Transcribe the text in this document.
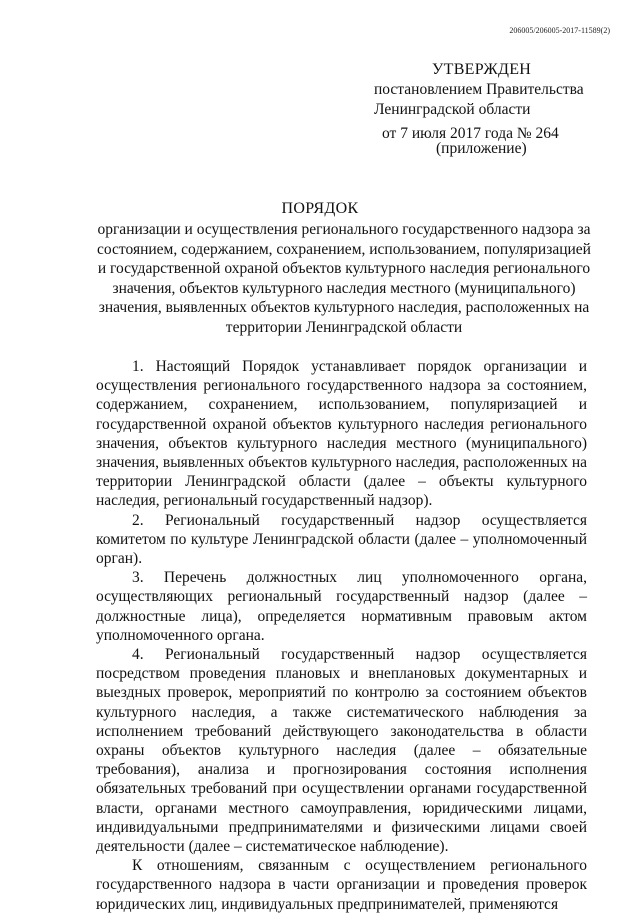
206005/206005-2017-11589(2)
УТВЕРЖДЕН
постановлением Правительства
Ленинградской области
от 7 июля 2017 года № 264
(приложение)
ПОРЯДОК
организации и осуществления регионального государственного надзора за состоянием, содержанием, сохранением, использованием, популяризацией и государственной охраной объектов культурного наследия регионального значения, объектов культурного наследия местного (муниципального) значения, выявленных объектов культурного наследия, расположенных на территории Ленинградской области

1. Настоящий Порядок устанавливает порядок организации и осуществления регионального государственного надзора за состоянием, содержанием, сохранением, использованием, популяризацией и государственной охраной объектов культурного наследия регионального значения, объектов культурного наследия местного (муниципального) значения, выявленных объектов культурного наследия, расположенных на территории Ленинградской области (далее – объекты культурного наследия, региональный государственный надзор).

2. Региональный государственный надзор осуществляется комитетом по культуре Ленинградской области (далее – уполномоченный орган).

3. Перечень должностных лиц уполномоченного органа, осуществляющих региональный государственный надзор (далее – должностные лица), определяется нормативным правовым актом уполномоченного органа.

4. Региональный государственный надзор осуществляется посредством проведения плановых и внеплановых документарных и выездных проверок, мероприятий по контролю за состоянием объектов культурного наследия, а также систематического наблюдения за исполнением требований действующего законодательства в области охраны объектов культурного наследия (далее – обязательные требования), анализа и прогнозирования состояния исполнения обязательных требований при осуществлении органами государственной власти, органами местного самоуправления, юридическими лицами, индивидуальными предпринимателями и физическими лицами своей деятельности (далее – систематическое наблюдение).

К отношениям, связанным с осуществлением регионального государственного надзора в части организации и проведения проверок юридических лиц, индивидуальных предпринимателей, применяются
